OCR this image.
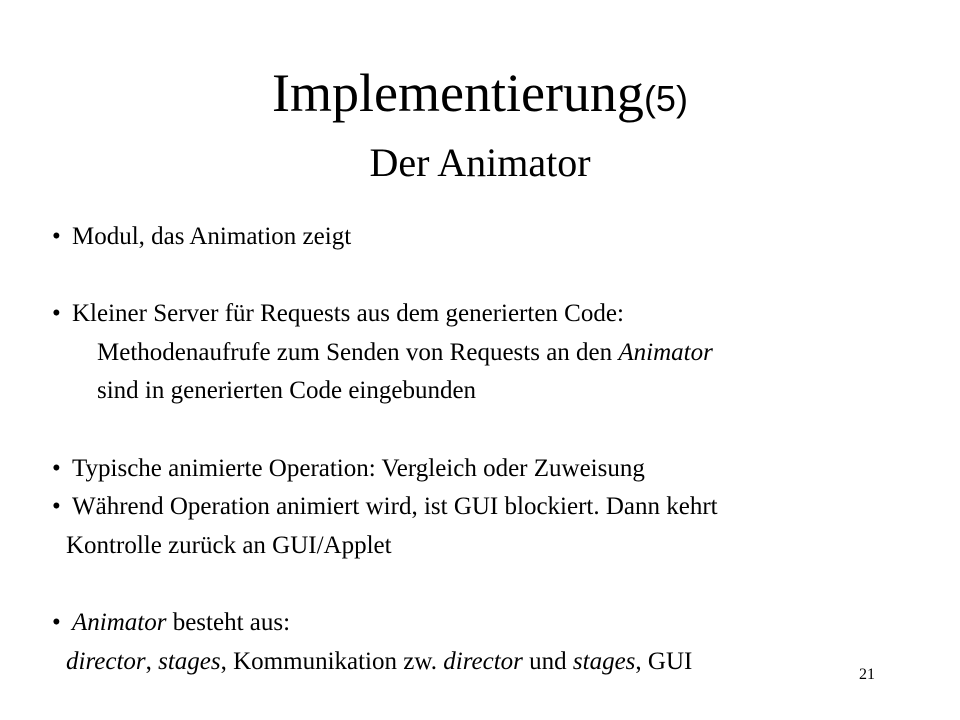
Implementierung(5)
Der Animator
• Modul, das Animation zeigt
• Kleiner Server für Requests aus dem generierten Code:
Methodenaufrufe zum Senden von Requests an den Animator
sind in generierten Code eingebunden
• Typische animierte Operation: Vergleich oder Zuweisung
• Während Operation animiert wird, ist GUI blockiert. Dann kehrt
Kontrolle zurück an GUI/Applet
• Animator besteht aus:
director, stages, Kommunikation zw. director und stages, GUI	21
